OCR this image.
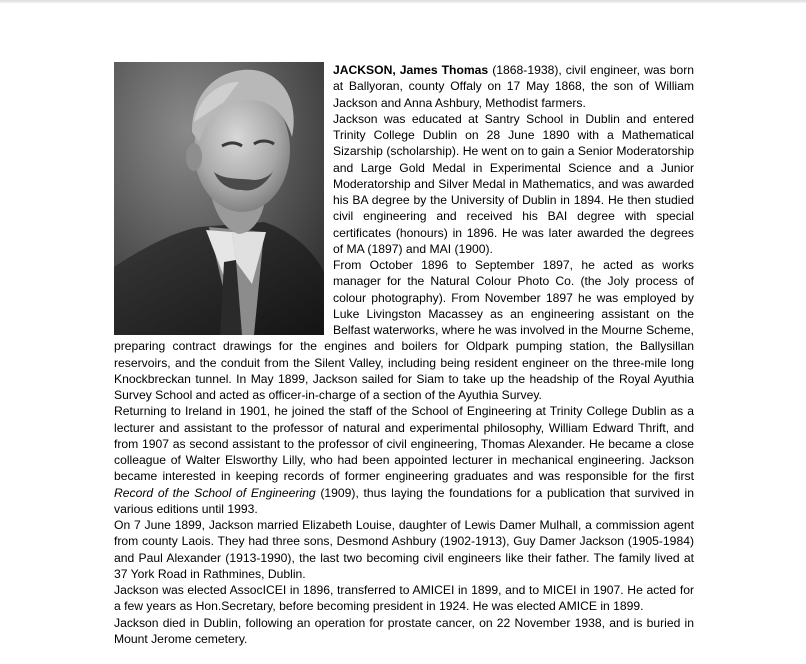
JACKSON, James Thomas (1868-1938), civil engineer, was born at Ballyoran, county Offaly on 17 May 1868, the son of William Jackson and Anna Ashbury, Methodist farmers.

Jackson was educated at Santry School in Dublin and entered Trinity College Dublin on 28 June 1890 with a Mathematical Sizarship (scholarship). He went on to gain a Senior Moderatorship and Large Gold Medal in Experimental Science and a Junior Moderatorship and Silver Medal in Mathematics, and was awarded his BA degree by the University of Dublin in 1894. He then studied civil engineering and received his BAI degree with special certificates (honours) in 1896. He was later awarded the degrees of MA (1897) and MAI (1900).

From October 1896 to September 1897, he acted as works manager for the Natural Colour Photo Co. (the Joly process of colour photography). From November 1897 he was employed by Luke Livingston Macassey as an engineering assistant on the Belfast waterworks, where he was involved in the Mourne Scheme, preparing contract drawings for the engines and boilers for Oldpark pumping station, the Ballysillan reservoirs, and the conduit from the Silent Valley, including being resident engineer on the three-mile long Knockbreckan tunnel. In May 1899, Jackson sailed for Siam to take up the headship of the Royal Ayuthia Survey School and acted as officer-in-charge of a section of the Ayuthia Survey.

Returning to Ireland in 1901, he joined the staff of the School of Engineering at Trinity College Dublin as a lecturer and assistant to the professor of natural and experimental philosophy, William Edward Thrift, and from 1907 as second assistant to the professor of civil engineering, Thomas Alexander. He became a close colleague of Walter Elsworthy Lilly, who had been appointed lecturer in mechanical engineering. Jackson became interested in keeping records of former engineering graduates and was responsible for the first Record of the School of Engineering (1909), thus laying the foundations for a publication that survived in various editions until 1993.

On 7 June 1899, Jackson married Elizabeth Louise, daughter of Lewis Damer Mulhall, a commission agent from county Laois. They had three sons, Desmond Ashbury (1902-1913), Guy Damer Jackson (1905-1984) and Paul Alexander (1913-1990), the last two becoming civil engineers like their father. The family lived at 37 York Road in Rathmines, Dublin.

Jackson was elected AssocICEI in 1896, transferred to AMICEI in 1899, and to MICEI in 1907. He acted for a few years as Hon.Secretary, before becoming president in 1924. He was elected AMICE in 1899.

Jackson died in Dublin, following an operation for prostate cancer, on 22 November 1938, and is buried in Mount Jerome cemetery.
